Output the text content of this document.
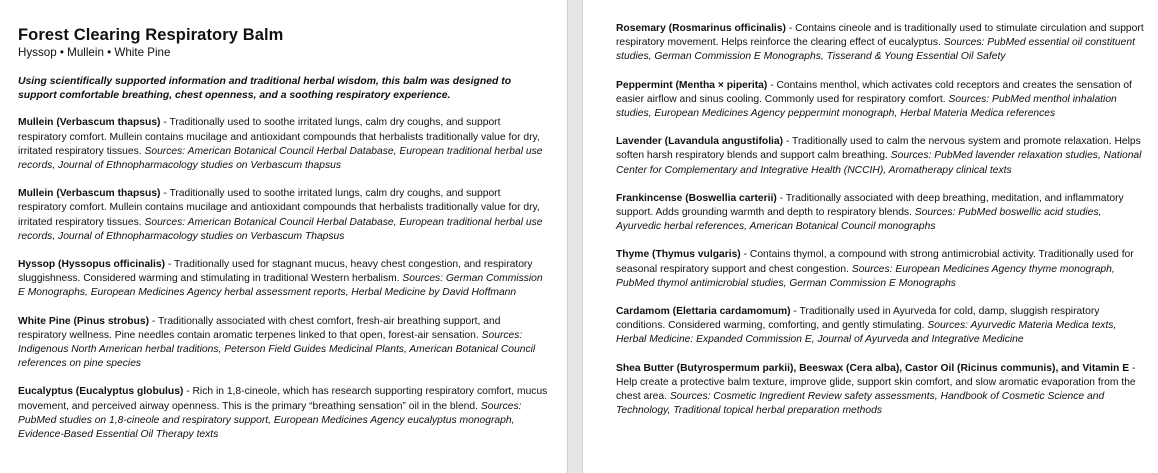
Forest Clearing Respiratory Balm
Hyssop • Mullein • White Pine

Using scientifically supported information and traditional herbal wisdom, this balm was designed to support comfortable breathing, chest openness, and a soothing respiratory experience.

Mullein (Verbascum thapsus) - Traditionally used to soothe irritated lungs, calm dry coughs, and support respiratory comfort. Mullein contains mucilage and antioxidant compounds that herbalists traditionally value for dry, irritated respiratory tissues. Sources: American Botanical Council Herbal Database, European traditional herbal use records, Journal of Ethnopharmacology studies on Verbascum thapsus

Mullein (Verbascum thapsus) - Traditionally used to soothe irritated lungs, calm dry coughs, and support respiratory comfort. Mullein contains mucilage and antioxidant compounds that herbalists traditionally value for dry, irritated respiratory tissues. Sources: American Botanical Council Herbal Database, European traditional herbal use records, Journal of Ethnopharmacology studies on Verbascum Thapsus

Hyssop (Hyssopus officinalis) - Traditionally used for stagnant mucus, heavy chest congestion, and respiratory sluggishness. Considered warming and stimulating in traditional Western herbalism. Sources: German Commission E Monographs, European Medicines Agency herbal assessment reports, Herbal Medicine by David Hoffmann

White Pine (Pinus strobus) - Traditionally associated with chest comfort, fresh-air breathing support, and respiratory wellness. Pine needles contain aromatic terpenes linked to that open, forest-air sensation. Sources: Indigenous North American herbal traditions, Peterson Field Guides Medicinal Plants, American Botanical Council references on pine species

Eucalyptus (Eucalyptus globulus) - Rich in 1,8-cineole, which has research supporting respiratory comfort, mucus movement, and perceived airway openness. This is the primary “breathing sensation” oil in the blend. Sources: PubMed studies on 1,8-cineole and respiratory support, European Medicines Agency eucalyptus monograph, Evidence-Based Essential Oil Therapy texts

Rosemary (Rosmarinus officinalis) - Contains cineole and is traditionally used to stimulate circulation and support respiratory movement. Helps reinforce the clearing effect of eucalyptus. Sources: PubMed essential oil constituent studies, German Commission E Monographs, Tisserand & Young Essential Oil Safety

Peppermint (Mentha × piperita) - Contains menthol, which activates cold receptors and creates the sensation of easier airflow and sinus cooling. Commonly used for respiratory comfort. Sources: PubMed menthol inhalation studies, European Medicines Agency peppermint monograph, Herbal Materia Medica references

Lavender (Lavandula angustifolia) - Traditionally used to calm the nervous system and promote relaxation. Helps soften harsh respiratory blends and support calm breathing. Sources: PubMed lavender relaxation studies, National Center for Complementary and Integrative Health (NCCIH), Aromatherapy clinical texts

Frankincense (Boswellia carterii) - Traditionally associated with deep breathing, meditation, and inflammatory support. Adds grounding warmth and depth to respiratory blends. Sources: PubMed boswellic acid studies, Ayurvedic herbal references, American Botanical Council monographs

Thyme (Thymus vulgaris) - Contains thymol, a compound with strong antimicrobial activity. Traditionally used for seasonal respiratory support and chest congestion. Sources: European Medicines Agency thyme monograph, PubMed thymol antimicrobial studies, German Commission E Monographs

Cardamom (Elettaria cardamomum) - Traditionally used in Ayurveda for cold, damp, sluggish respiratory conditions. Considered warming, comforting, and gently stimulating. Sources: Ayurvedic Materia Medica texts, Herbal Medicine: Expanded Commission E, Journal of Ayurveda and Integrative Medicine

Shea Butter (Butyrospermum parkii), Beeswax (Cera alba), Castor Oil (Ricinus communis), and Vitamin E - Help create a protective balm texture, improve glide, support skin comfort, and slow aromatic evaporation from the chest area. Sources: Cosmetic Ingredient Review safety assessments, Handbook of Cosmetic Science and Technology, Traditional topical herbal preparation methods
